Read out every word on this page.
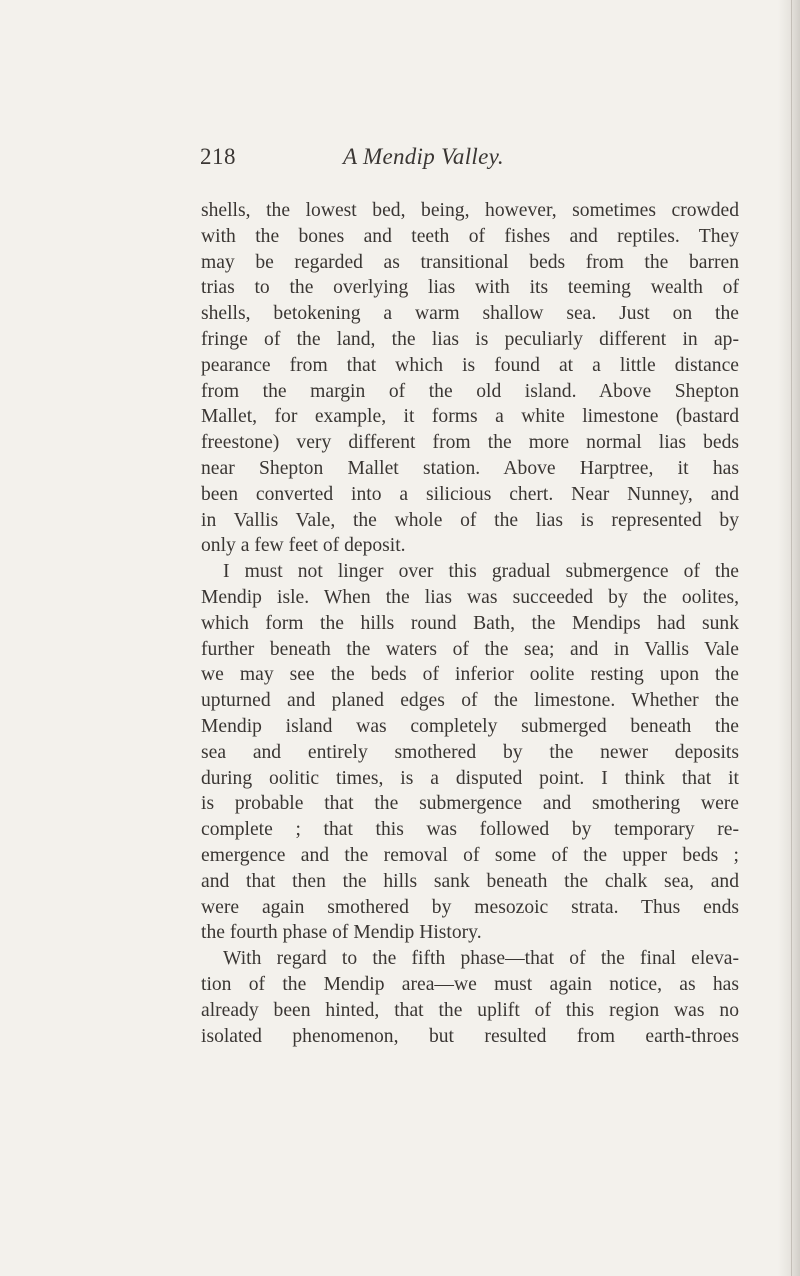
218	A Mendip Valley.
shells, the lowest bed, being, however, sometimes crowded
with the bones and teeth of fishes and reptiles. They
may be regarded as transitional beds from the barren
trias to the overlying lias with its teeming wealth of
shells, betokening a warm shallow sea. Just on the
fringe of the land, the lias is peculiarly different in ap-
pearance from that which is found at a little distance
from the margin of the old island. Above Shepton
Mallet, for example, it forms a white limestone (bastard
freestone) very different from the more normal lias beds
near Shepton Mallet station. Above Harptree, it has
been converted into a silicious chert. Near Nunney, and
in Vallis Vale, the whole of the lias is represented by
only a few feet of deposit.
I must not linger over this gradual submergence of the
Mendip isle. When the lias was succeeded by the oolites,
which form the hills round Bath, the Mendips had sunk
further beneath the waters of the sea; and in Vallis Vale
we may see the beds of inferior oolite resting upon the
upturned and planed edges of the limestone. Whether the
Mendip island was completely submerged beneath the
sea and entirely smothered by the newer deposits
during oolitic times, is a disputed point. I think that it
is probable that the submergence and smothering were
complete ; that this was followed by temporary re-
emergence and the removal of some of the upper beds ;
and that then the hills sank beneath the chalk sea, and
were again smothered by mesozoic strata. Thus ends
the fourth phase of Mendip History.
With regard to the fifth phase—that of the final eleva-
tion of the Mendip area—we must again notice, as has
already been hinted, that the uplift of this region was no
isolated phenomenon, but resulted from earth-throes
